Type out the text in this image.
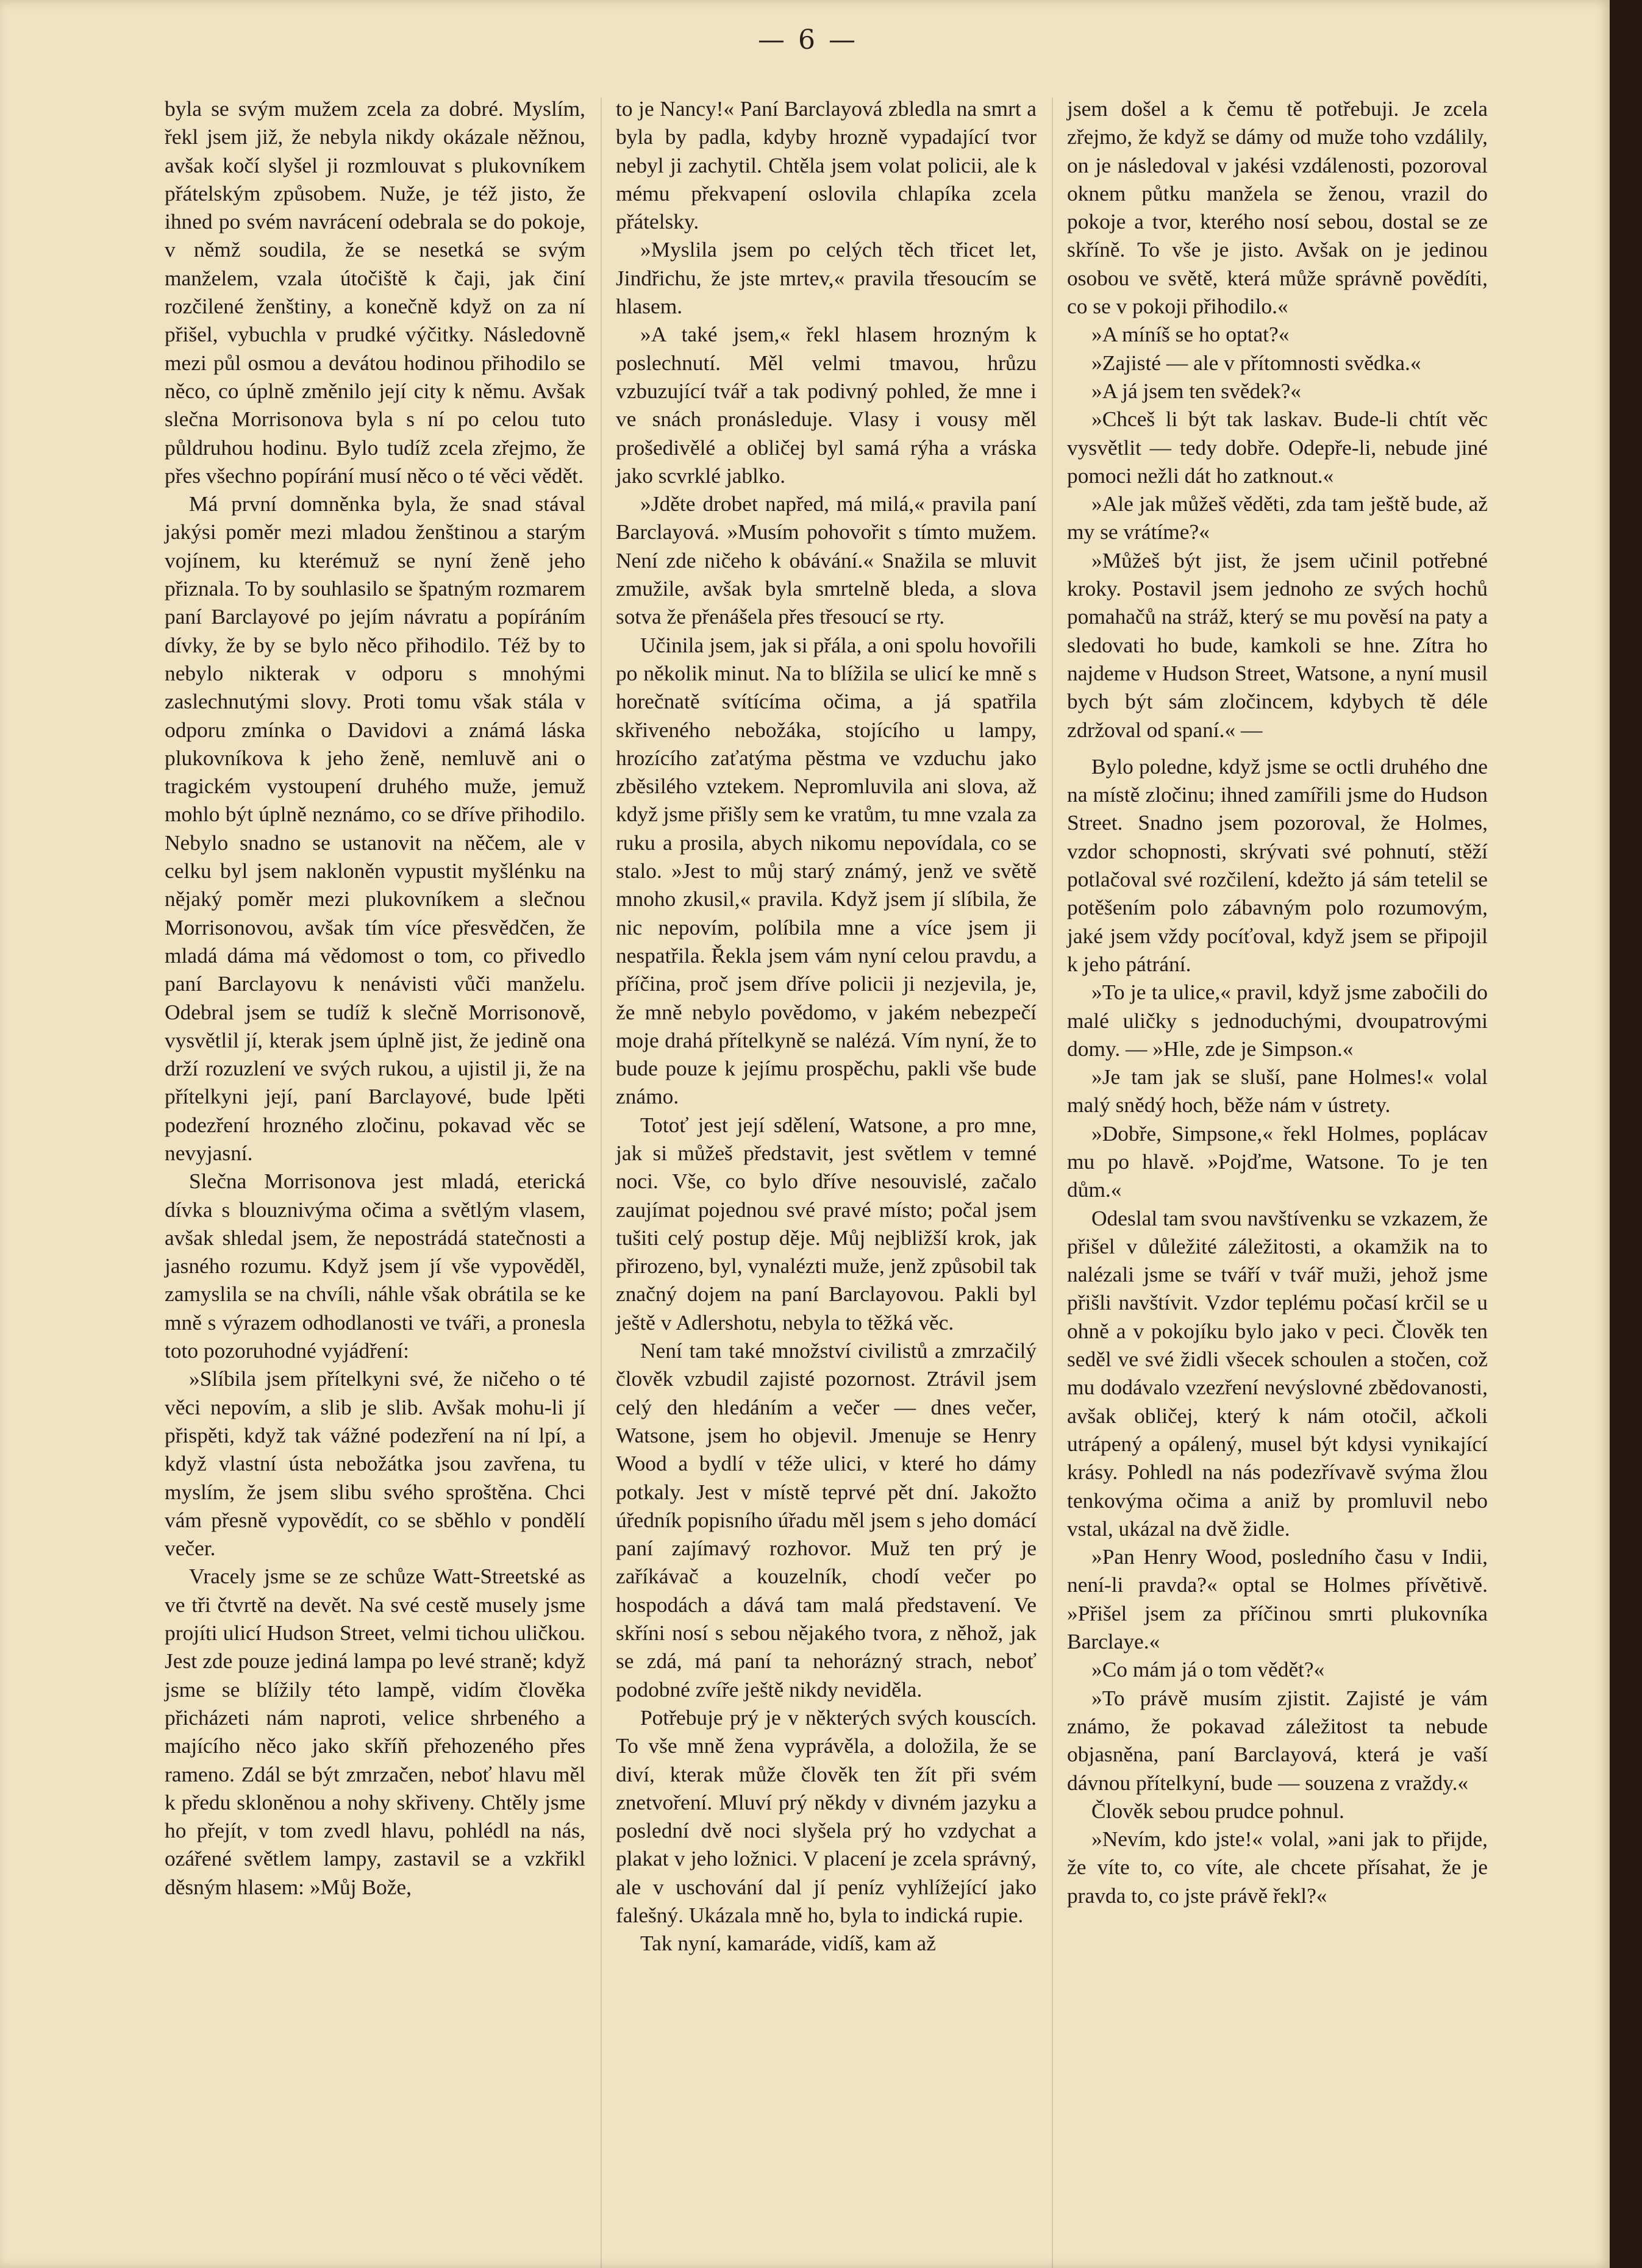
— 6 —

byla se svým mužem zcela za dobré. Myslím, řekl jsem již, že nebyla nikdy okázale něžnou, avšak kočí slyšel ji rozmlouvat s plukovníkem přátelským způsobem. Nuže, je též jisto, že ihned po svém navrácení odebrala se do pokoje, v němž soudila, že se nesetká se svým manželem, vzala útočiště k čaji, jak činí rozčilené ženštiny, a konečně když on za ní přišel, vybuchla v prudké výčitky. Následovně mezi půl osmou a devátou hodinou přihodilo se něco, co úplně změnilo její city k němu. Avšak slečna Morrisonova byla s ní po celou tuto půldruhou hodinu. Bylo tudíž zcela zřejmo, že přes všechno popírání musí něco o té věci vědět.

Má první domněnka byla, že snad stával jakýsi poměr mezi mladou ženštinou a starým vojínem, ku kterémuž se nyní ženě jeho přiznala. To by souhlasilo se špatným rozmarem paní Barclayové po jejím návratu a popíráním dívky, že by se bylo něco přihodilo. Též by to nebylo nikterak v odporu s mnohými zaslechnutými slovy. Proti tomu však stála v odporu zmínka o Davidovi a známá láska plukovníkova k jeho ženě, nemluvě ani o tragickém vystoupení druhého muže, jemuž mohlo být úplně neznámo, co se dříve přihodilo. Nebylo snadno se ustanovit na něčem, ale v celku byl jsem nakloněn vypustit myšlénku na nějaký poměr mezi plukovníkem a slečnou Morrisonovou, avšak tím více přesvědčen, že mladá dáma má vědomost o tom, co přivedlo paní Barclayovu k nenávisti vůči manželu. Odebral jsem se tudíž k slečně Morrisonově, vysvětlil jí, kterak jsem úplně jist, že jedině ona drží rozuzlení ve svých rukou, a ujistil ji, že na přítelkyni její, paní Barclayové, bude lpěti podezření hrozného zločinu, pokavad věc se nevyjasní.

Slečna Morrisonova jest mladá, eterická dívka s blouznivýma očima a světlým vlasem, avšak shledal jsem, že nepostrádá statečnosti a jasného rozumu. Když jsem jí vše vypověděl, zamyslila se na chvíli, náhle však obrátila se ke mně s výrazem odhodlanosti ve tváři, a pronesla toto pozoruhodné vyjádření:

»Slíbila jsem přítelkyni své, že ničeho o té věci nepovím, a slib je slib. Avšak mohu-li jí přispěti, když tak vážné podezření na ní lpí, a když vlastní ústa nebožátka jsou zavřena, tu myslím, že jsem slibu svého sproštěna. Chci vám přesně vypovědít, co se sběhlo v pondělí večer.

Vracely jsme se ze schůze Watt-Streetské as ve tři čtvrtě na devět. Na své cestě musely jsme projíti ulicí Hudson Street, velmi tichou uličkou. Jest zde pouze jediná lampa po levé straně; když jsme se blížily této lampě, vidím člověka přicházeti nám naproti, velice shrbeného a majícího něco jako skříň přehozeného přes rameno. Zdál se být zmrzačen, neboť hlavu měl k předu skloněnou a nohy skřiveny. Chtěly jsme ho přejít, v tom zvedl hlavu, pohlédl na nás, ozářené světlem lampy, zastavil se a vzkřikl děsným hlasem: »Můj Bože,

to je Nancy!« Paní Barclayová zbledla na smrt a byla by padla, kdyby hrozně vypadající tvor nebyl ji zachytil. Chtěla jsem volat policii, ale k mému překvapení oslovila chlapíka zcela přátelsky.

»Myslila jsem po celých těch třicet let, Jindřichu, že jste mrtev,« pravila třesoucím se hlasem.

»A také jsem,« řekl hlasem hrozným k poslechnutí. Měl velmi tmavou, hrůzu vzbuzující tvář a tak podivný pohled, že mne i ve snách pronásleduje. Vlasy i vousy měl prošedivělé a obličej byl samá rýha a vráska jako scvrklé jablko.

»Jděte drobet napřed, má milá,« pravila paní Barclayová. »Musím pohovořit s tímto mužem. Není zde ničeho k obávání.« Snažila se mluvit zmužile, avšak byla smrtelně bleda, a slova sotva že přenášela přes třesoucí se rty.

Učinila jsem, jak si přála, a oni spolu hovořili po několik minut. Na to blížila se ulicí ke mně s horečnatě svítícíma očima, a já spatřila skřiveného nebožáka, stojícího u lampy, hrozícího zaťatýma pěstma ve vzduchu jako zběsilého vztekem. Nepromluvila ani slova, až když jsme přišly sem ke vratům, tu mne vzala za ruku a prosila, abych nikomu nepovídala, co se stalo. »Jest to můj starý známý, jenž ve světě mnoho zkusil,« pravila. Když jsem jí slíbila, že nic nepovím, políbila mne a více jsem ji nespatřila. Řekla jsem vám nyní celou pravdu, a příčina, proč jsem dříve policii ji nezjevila, je, že mně nebylo povědomo, v jakém nebezpečí moje drahá přítelkyně se nalézá. Vím nyní, že to bude pouze k jejímu prospěchu, pakli vše bude známo.

Totoť jest její sdělení, Watsone, a pro mne, jak si můžeš představit, jest světlem v temné noci. Vše, co bylo dříve nesouvislé, začalo zaujímat pojednou své pravé místo; počal jsem tušiti celý postup děje. Můj nejbližší krok, jak přirozeno, byl, vynalézti muže, jenž způsobil tak značný dojem na paní Barclayovou. Pakli byl ještě v Adlershotu, nebyla to těžká věc.

Není tam také množství civilistů a zmrzačilý člověk vzbudil zajisté pozornost. Ztrávil jsem celý den hledáním a večer — dnes večer, Watsone, jsem ho objevil. Jmenuje se Henry Wood a bydlí v téže ulici, v které ho dámy potkaly. Jest v místě teprvé pět dní. Jakožto úředník popisního úřadu měl jsem s jeho domácí paní zajímavý rozhovor. Muž ten prý je zaříkávač a kouzelník, chodí večer po hospodách a dává tam malá představení. Ve skříni nosí s sebou nějakého tvora, z něhož, jak se zdá, má paní ta nehorázný strach, neboť podobné zvíře ještě nikdy neviděla.

Potřebuje prý je v některých svých kouscích. To vše mně žena vyprávěla, a doložila, že se diví, kterak může člověk ten žít při svém znetvoření. Mluví prý někdy v divném jazyku a poslední dvě noci slyšela prý ho vzdychat a plakat v jeho ložnici. V placení je zcela správný, ale v uschování dal jí peníz vyhlížející jako falešný. Ukázala mně ho, byla to indická rupie.

Tak nyní, kamaráde, vidíš, kam až

jsem došel a k čemu tě potřebuji. Je zcela zřejmo, že když se dámy od muže toho vzdálily, on je následoval v jakési vzdálenosti, pozoroval oknem půtku manžela se ženou, vrazil do pokoje a tvor, kterého nosí sebou, dostal se ze skříně. To vše je jisto. Avšak on je jedinou osobou ve světě, která může správně povědíti, co se v pokoji přihodilo.«

»A míníš se ho optat?«

»Zajisté — ale v přítomnosti svědka.«

»A já jsem ten svědek?«

»Chceš li být tak laskav. Bude-li chtít věc vysvětlit — tedy dobře. Odepře-li, nebude jiné pomoci nežli dát ho zatknout.«

»Ale jak můžeš věděti, zda tam ještě bude, až my se vrátíme?«

»Můžeš být jist, že jsem učinil potřebné kroky. Postavil jsem jednoho ze svých hochů pomahačů na stráž, který se mu pověsí na paty a sledovati ho bude, kamkoli se hne. Zítra ho najdeme v Hudson Street, Watsone, a nyní musil bych být sám zločincem, kdybych tě déle zdržoval od spaní.« —

Bylo poledne, když jsme se octli druhého dne na místě zločinu; ihned zamířili jsme do Hudson Street. Snadno jsem pozoroval, že Holmes, vzdor schopnosti, skrývati své pohnutí, stěží potlačoval své rozčilení, kdežto já sám tetelil se potěšením polo zábavným polo rozumovým, jaké jsem vždy pocíťoval, když jsem se připojil k jeho pátrání.

»To je ta ulice,« pravil, když jsme zabočili do malé uličky s jednoduchými, dvoupatrovými domy. — »Hle, zde je Simpson.«

»Je tam jak se sluší, pane Holmes!« volal malý snědý hoch, běže nám v ústrety.

»Dobře, Simpsone,« řekl Holmes, poplácav mu po hlavě. »Pojďme, Watsone. To je ten dům.«

Odeslal tam svou navštívenku se vzkazem, že přišel v důležité záležitosti, a okamžik na to nalézali jsme se tváří v tvář muži, jehož jsme přišli navštívit. Vzdor teplému počasí krčil se u ohně a v pokojíku bylo jako v peci. Člověk ten seděl ve své židli všecek schoulen a stočen, což mu dodávalo vzezření nevýslovné zbědovanosti, avšak obličej, který k nám otočil, ačkoli utrápený a opálený, musel být kdysi vynikající krásy. Pohledl na nás podezřívavě svýma žlou tenkovýma očima a aniž by promluvil nebo vstal, ukázal na dvě židle.

»Pan Henry Wood, posledního času v Indii, není-li pravda?« optal se Holmes přívětivě. »Přišel jsem za příčinou smrti plukovníka Barclaye.«

»Co mám já o tom vědět?«

»To právě musím zjistit. Zajisté je vám známo, že pokavad záležitost ta nebude objasněna, paní Barclayová, která je vaší dávnou přítelkyní, bude — souzena z vraždy.«

Člověk sebou prudce pohnul.

»Nevím, kdo jste!« volal, »ani jak to přijde, že víte to, co víte, ale chcete přísahat, že je pravda to, co jste právě řekl?«
